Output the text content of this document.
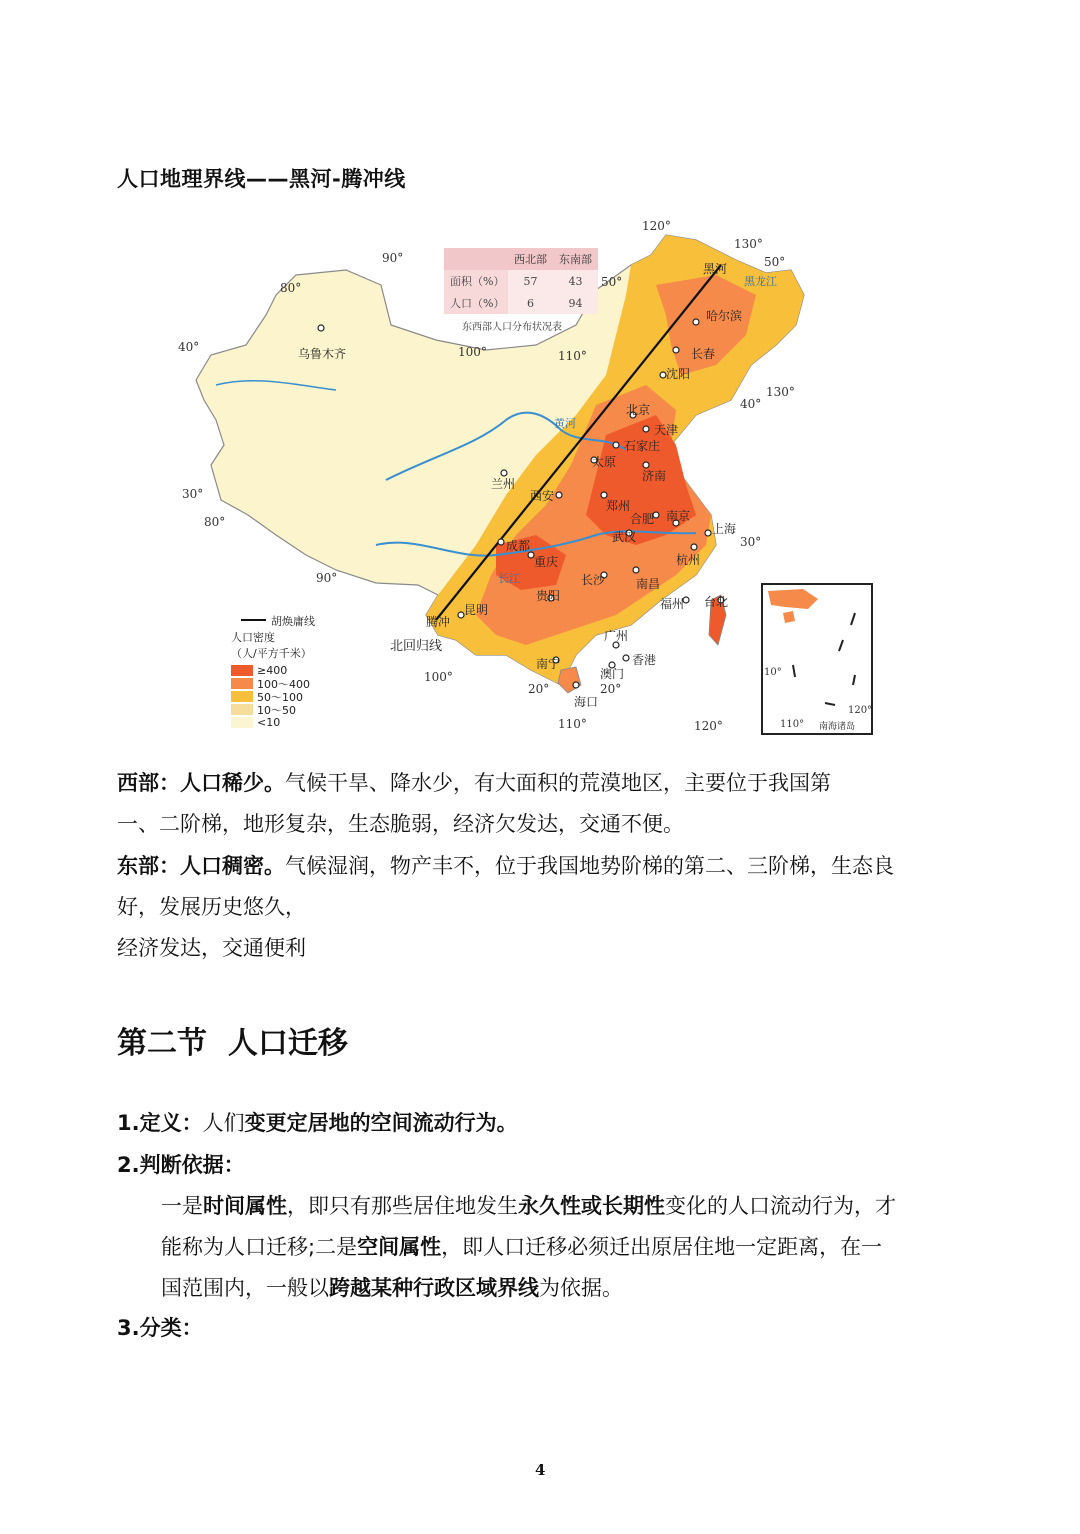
人口地理界线——黑河-腾冲线
南海诸岛
	西北部	东南部
面积（%）	57	43
人口（%）	6	94
东西部人口分布状况表
乌鲁木齐
哈尔滨
长春
沈阳
北京
天津
石家庄
太原
济南
兰州
西安
郑州
合肥 南京
上海
武汉
杭州
成都
重庆
长沙	南昌
贵阳
昆明	福州 台北
广州
香港
澳门
南宁
海口
黑河
腾冲
120°
130°
50°
90°
80°
40°	100°	110°
50°
130°
40°
30°
80°
30°
90°
100°
20°	20°
110°	120°
10°
120°
110°
北回归线
黄河
长江
黑龙江
胡焕庸线
人口密度
（人/平方千米）
≥400
100～400
50～100
10～50
<10
西部：人口稀少。气候干旱、降水少，有大面积的荒漠地区，主要位于我国第
一、二阶梯，地形复杂，生态脆弱，经济欠发达，交通不便。
东部：人口稠密。气候湿润，物产丰不，位于我国地势阶梯的第二、三阶梯，生态良
好，发展历史悠久，
经济发达，交通便利
第二节  人口迁移
1.定义：人们变更定居地的空间流动行为。
2.判断依据：
一是时间属性，即只有那些居住地发生永久性或长期性变化的人口流动行为，才
能称为人口迁移;二是空间属性，即人口迁移必须迁出原居住地一定距离，在一
国范围内，一般以跨越某种行政区域界线为依据。
3.分类：
4
